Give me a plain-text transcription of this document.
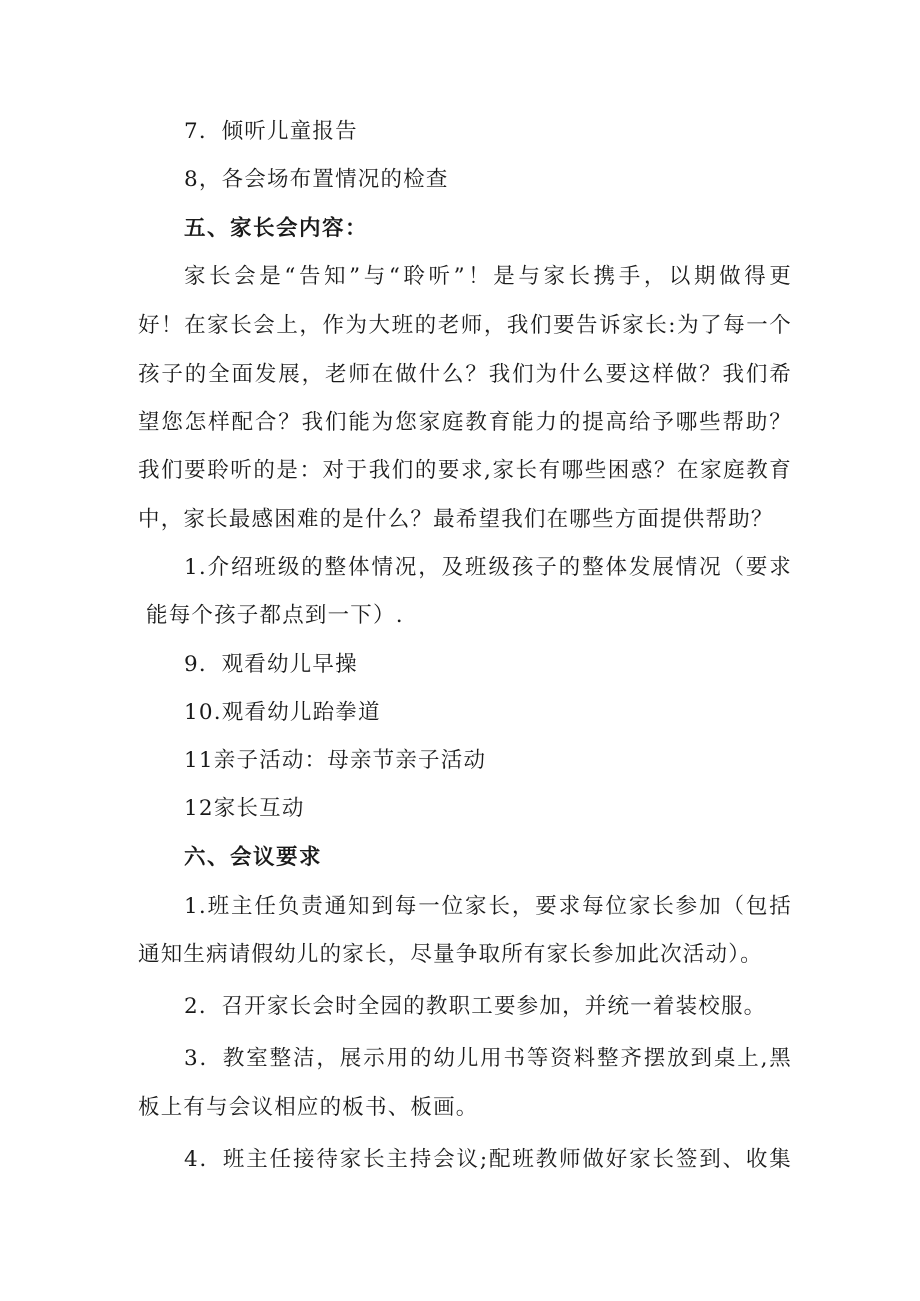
7．倾听儿童报告
8，各会场布置情况的检查
五、家长会内容：
家长会是“告知”与“聆听”！是与家长携手，以期做得更
好！在家长会上，作为大班的老师，我们要告诉家长:为了每一个
孩子的全面发展，老师在做什么？我们为什么要这样做？我们希
望您怎样配合？我们能为您家庭教育能力的提高给予哪些帮助？
我们要聆听的是：对于我们的要求,家长有哪些困惑？在家庭教育
中，家长最感困难的是什么？最希望我们在哪些方面提供帮助？
1.介绍班级的整体情况，及班级孩子的整体发展情况（要求
能每个孩子都点到一下）.
9．观看幼儿早操
10.观看幼儿跆拳道
11亲子活动：母亲节亲子活动
12家长互动
六、会议要求
1.班主任负责通知到每一位家长，要求每位家长参加（包括
通知生病请假幼儿的家长，尽量争取所有家长参加此次活动）。
2．召开家长会时全园的教职工要参加，并统一着装校服。
3．教室整洁，展示用的幼儿用书等资料整齐摆放到桌上,黑
板上有与会议相应的板书、板画。
4．班主任接待家长主持会议;配班教师做好家长签到、收集
